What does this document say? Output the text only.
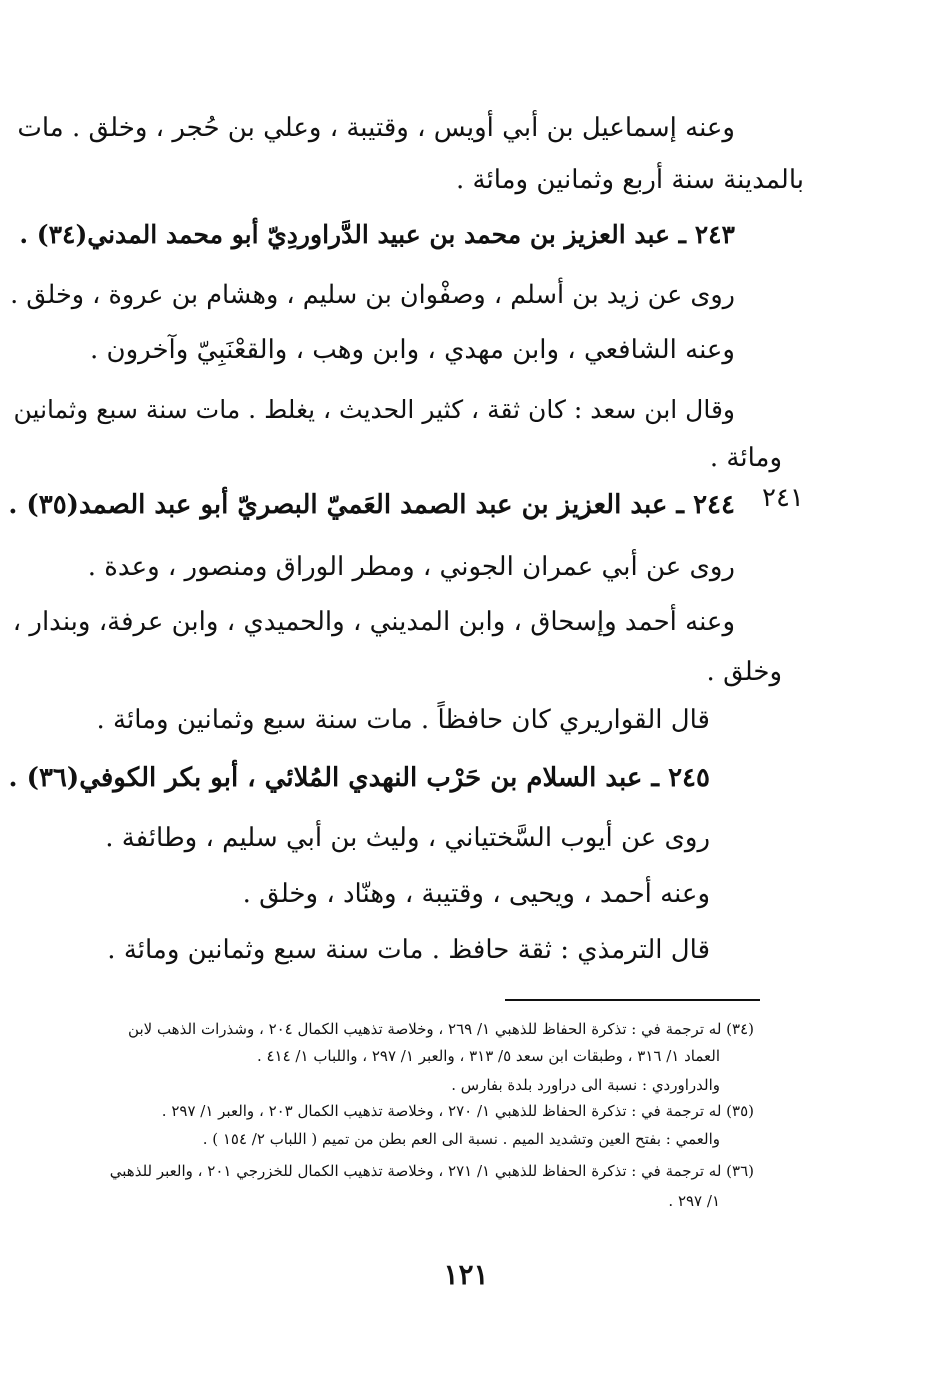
وعنه إسماعيل بن أبي أويس ، وقتيبة ، وعلي بن حُجر ، وخلق . مات
بالمدينة سنة أربع وثمانين ومائة .
٢٤٣ ـ عبد العزيز بن محمد بن عبيد الدَّراوردِيّ أبو محمد المدني(٣٤) .
روى عن زيد بن أسلم ، وصفْوان بن سليم ، وهشام بن عروة ، وخلق .
وعنه الشافعي ، وابن مهدي ، وابن وهب ، والقعْنَبِيّ وآخرون .
وقال ابن سعد : كان ثقة ، كثير الحديث ، يغلط . مات سنة سبع وثمانين
ومائة .
٢٤١
٢٤٤ ـ عبد العزيز بن عبد الصمد العَميّ البصريّ أبو عبد الصمد(٣٥) .
روى عن أبي عمران الجوني ، ومطر الوراق ومنصور ، وعدة .
وعنه أحمد وإسحاق ، وابن المديني ، والحميدي ، وابن عرفة، وبندار ،
وخلق .
قال القواريري كان حافظاً . مات سنة سبع وثمانين ومائة .
٢٤٥ ـ عبد السلام بن حَرْب النهدي المُلائي ، أبو بكر الكوفي(٣٦) .
روى عن أيوب السَّختياني ، وليث بن أبي سليم ، وطائفة .
وعنه أحمد ، ويحيى ، وقتيبة ، وهنّاد ، وخلق .
قال الترمذي : ثقة حافظ . مات سنة سبع وثمانين ومائة .
(٣٤) له ترجمة في : تذكرة الحفاظ للذهبي ١/ ٢٦٩ ، وخلاصة تذهيب الكمال ٢٠٤ ، وشذرات الذهب لابن
العماد ١/ ٣١٦ ، وطبقات ابن سعد ٥/ ٣١٣ ، والعبر ١/ ٢٩٧ ، واللباب ١/ ٤١٤ .
والدراوردي : نسبة الى دراورد بلدة بفارس .
(٣٥) له ترجمة في : تذكرة الحفاظ للذهبي ١/ ٢٧٠ ، وخلاصة تذهيب الكمال ٢٠٣ ، والعبر ١/ ٢٩٧ .
والعمي : بفتح العين وتشديد الميم . نسبة الى العم بطن من تميم ( اللباب ٢/ ١٥٤ ) .
(٣٦) له ترجمة في : تذكرة الحفاظ للذهبي ١/ ٢٧١ ، وخلاصة تذهيب الكمال للخزرجي ٢٠١ ، والعبر للذهبي
١/ ٢٩٧ .
١٢١
